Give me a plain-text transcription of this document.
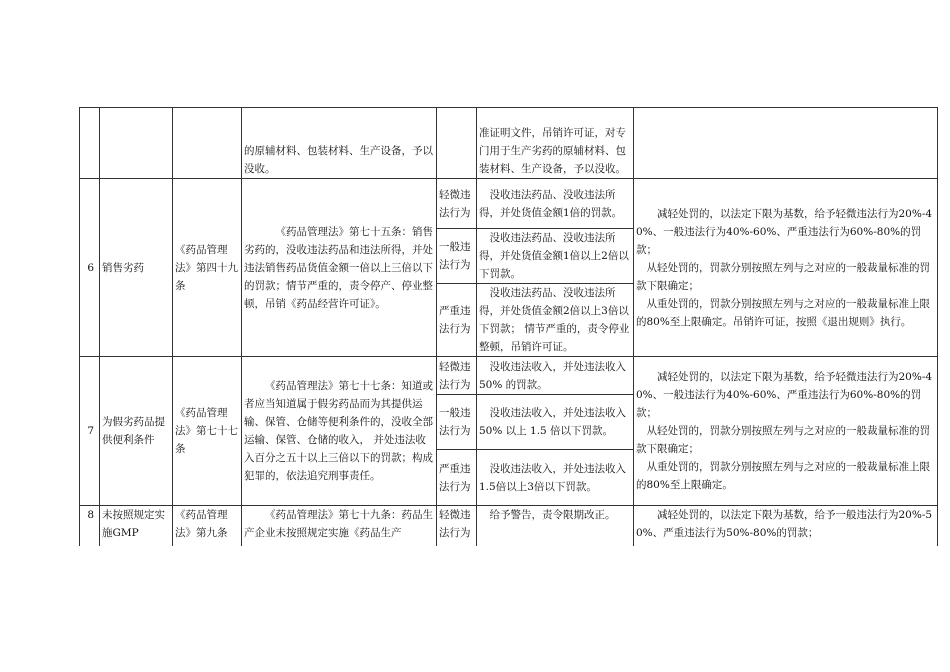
			的原辅材料、包装材料、生产设备，予以没收。		准证明文件，吊销许可证，对专门用于生产劣药的原辅材料、包装材料、生产设备，予以没收。	
6	销售劣药	《药品管理法》第四十九条	《药品管理法》第七十五条：销售劣药的，没收违法药品和违法所得，并处违法销售药品货值金额一倍以上三倍以下的罚款；情节严重的，责令停产、停业整顿，吊销《药品经营许可证》。	轻微违法行为	没收违法药品、没收违法所得，并处货值金额1倍的罚款。	减轻处罚的，以法定下限为基数，给予轻微违法行为20%-40%、一般违法行为40%-60%、严重违法行为60%-80%的罚款；

从轻处罚的，罚款分别按照左列与之对应的一般裁量标准的罚款下限确定；

从重处罚的，罚款分别按照左列与之对应的一般裁量标准上限的80%至上限确定。吊销许可证，按照《退出规则》执行。

				一般违法行为	没收违法药品、没收违法所得，并处货值金额1倍以上2倍以下罚款。	
				严重违法行为	没收违法药品、没收违法所得，并处货值金额2倍以上3倍以下罚款； 情节严重的，责令停业整顿，吊销许可证。	
7	为假劣药品提供便利条件	《药品管理法》第七十七条	《药品管理法》第七十七条：知道或者应当知道属于假劣药品而为其提供运输、保管、仓储等便利条件的，没收全部运输、保管、仓储的收入， 并处违法收入百分之五十以上三倍以下的罚款；构成犯罪的，依法追究刑事责任。	轻微违法行为	没收违法收入，并处违法收入50% 的罚款。	减轻处罚的，以法定下限为基数，给予轻微违法行为20%-40%、一般违法行为40%-60%、严重违法行为60%-80%的罚款；

从轻处罚的，罚款分别按照左列与之对应的一般裁量标准的罚款下限确定；

从重处罚的，罚款分别按照左列与之对应的一般裁量标准上限的80%至上限确定。

				一般违法行为	没收违法收入，并处违法收入 50% 以上 1.5 倍以下罚款。	
				严重违法行为	没收违法收入，并处违法收入1.5倍以上3倍以下罚款。	
8	未按照规定实施GMP	《药品管理法》第九条	《药品管理法》第七十九条：药品生产企业未按照规定实施《药品生产	轻微违法行为	给予警告，责令限期改正。	减轻处罚的，以法定下限为基数，给予一般违法行为20%-50%、严重违法行为50%-80%的罚款；
